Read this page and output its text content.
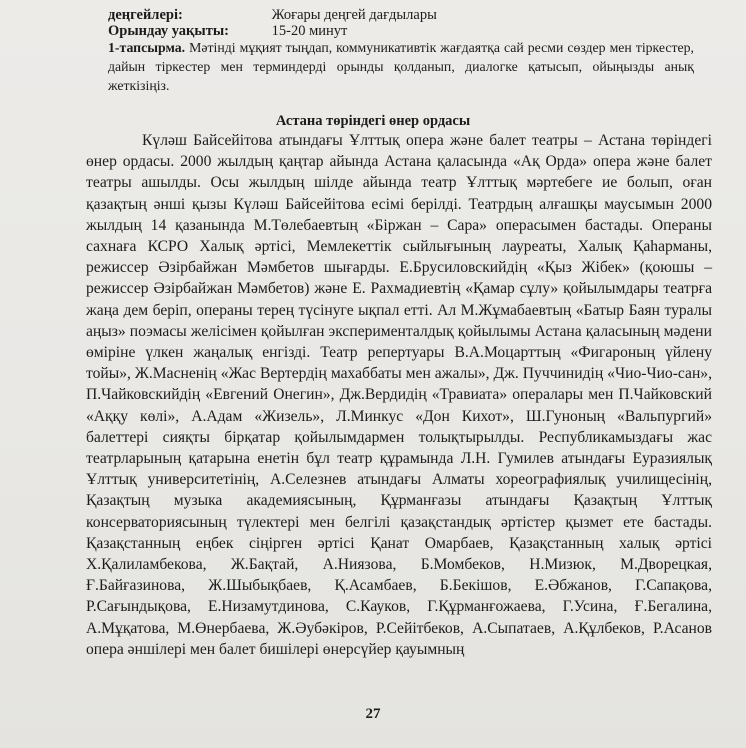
деңгейлері:	Жоғары деңгей дағдылары
Орындау уақыты:	15-20 минут
1-тапсырма. Мәтінді мұқият тыңдап, коммуникативтік жағдаятқа сай ресми сөздер мен тіркестер, дайын тіркестер мен терминдерді орынды қолданып, диалогке қатысып, ойыңызды анық жеткізіңіз.
Астана төріндегі өнер ордасы
Күләш Байсейітова атындағы Ұлттық опера және балет театры – Астана төріндегі өнер ордасы. 2000 жылдың қаңтар айында Астана қаласында «Ақ Орда» опера және балет театры ашылды. Осы жылдың шілде айында театр Ұлттық мәртебеге ие болып, оған қазақтың әнші қызы Күләш Байсейітова есімі берілді. Театрдың алғашқы маусымын 2000 жылдың 14 қазанында М.Төлебаевтың «Біржан – Сара» операсымен бастады. Операны сахнаға КСРО Халық әртісі, Мемлекеттік сыйлығының лауреаты, Халық Қаһарманы, режиссер Әзірбайжан Мәмбетов шығарды. Е.Брусиловскийдің «Қыз Жібек» (қоюшы – режиссер Әзірбайжан Мәмбетов) және Е. Рахмадиевтің «Қамар сұлу» қойылымдары театрға жаңа дем беріп, операны терең түсінуге ықпал етті. Ал М.Жұмабаевтың «Батыр Баян туралы аңыз» поэмасы желісімен қойылған эксперименталдық қойылымы Астана қаласының мәдени өміріне үлкен жаңалық енгізді. Театр репертуары В.А.Моцарттың «Фигароның үйлену тойы», Ж.Масненің «Жас Вертердің махаббаты мен ажалы», Дж. Пуччинидің «Чио-Чио-сан», П.Чайковскийдің «Евгений Онегин», Дж.Вердидің «Травиата» опералары мен П.Чайковский «Аққу көлі», А.Адам «Жизель», Л.Минкус «Дон Кихот», Ш.Гуноның «Вальпургий» балеттері сияқты бірқатар қойылымдармен толықтырылды. Республикамыздағы жас театрларының қатарына енетін бұл театр құрамында Л.Н. Гумилев атындағы Еуразиялық Ұлттық университетінің, А.Селезнев атындағы Алматы хореографиялық училищесінің, Қазақтың музыка академиясының, Құрманғазы атындағы Қазақтың Ұлттық консерваториясының түлектері мен белгілі қазақстандық әртістер қызмет ете бастады. Қазақстанның еңбек сіңірген әртісі Қанат Омарбаев, Қазақстанның халық әртісі Х.Қалиламбекова, Ж.Бақтай, А.Ниязова, Б.Момбеков, Н.Мизюк, М.Дворецкая, Ғ.Байғазинова, Ж.Шыбықбаев, Қ.Асамбаев, Б.Бекішов, Е.Әбжанов, Г.Сапақова, Р.Сағындықова, Е.Низамутдинова, С.Кауков, Г.Құрманғожаева, Г.Усина, Ғ.Бегалина, А.Мұқатова, М.Өнербаева, Ж.Әубәкіров, Р.Сейітбеков, А.Сыпатаев, А.Құлбеков, Р.Асанов опера әншілері мен балет бишілері өнерсүйер қауымның
27
